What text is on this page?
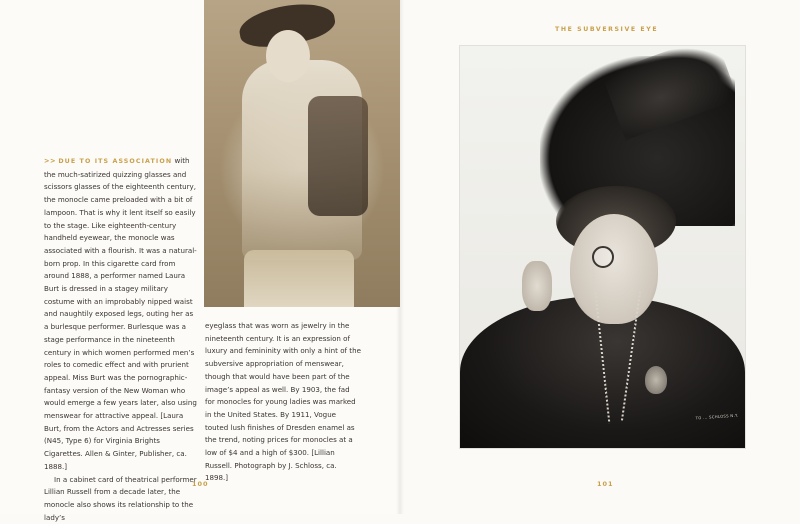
THE SUBVERSIVE EYE

>> DUE TO ITS ASSOCIATION with the much-satirized quizzing glasses and scissors glasses of the eighteenth century, the monocle came preloaded with a bit of lampoon. That is why it lent itself so easily to the stage. Like eighteenth-century handheld eyewear, the monocle was associated with a flourish. It was a natural-born prop. In this cigarette card from around 1888, a performer named Laura Burt is dressed in a stagey military costume with an improbably nipped waist and naughtily exposed legs, outing her as a burlesque performer. Burlesque was a stage performance in the nineteenth century in which women performed men’s roles to comedic effect and with prurient appeal. Miss Burt was the pornographic-fantasy version of the New Woman who would emerge a few years later, also using menswear for attractive appeal. [Laura Burt, from the Actors and Actresses series (N45, Type 6) for Virginia Brights Cigarettes. Allen & Ginter, Publisher, ca. 1888.]

In a cabinet card of theatrical performer Lillian Russell from a decade later, the monocle also shows its relationship to the lady’s

eyeglass that was worn as jewelry in the nineteenth century. It is an expression of luxury and femininity with only a hint of the subversive appropriation of menswear, though that would have been part of the image’s appeal as well. By 1903, the fad for monocles for young ladies was marked in the United States. By 1911, Vogue touted lush finishes of Dresden enamel as the trend, noting prices for monocles at a low of $4 and a high of $300. [Lillian Russell. Photograph by J. Schloss, ca. 1898.]

TO ... SCHLOSS N.Y.
100	101
